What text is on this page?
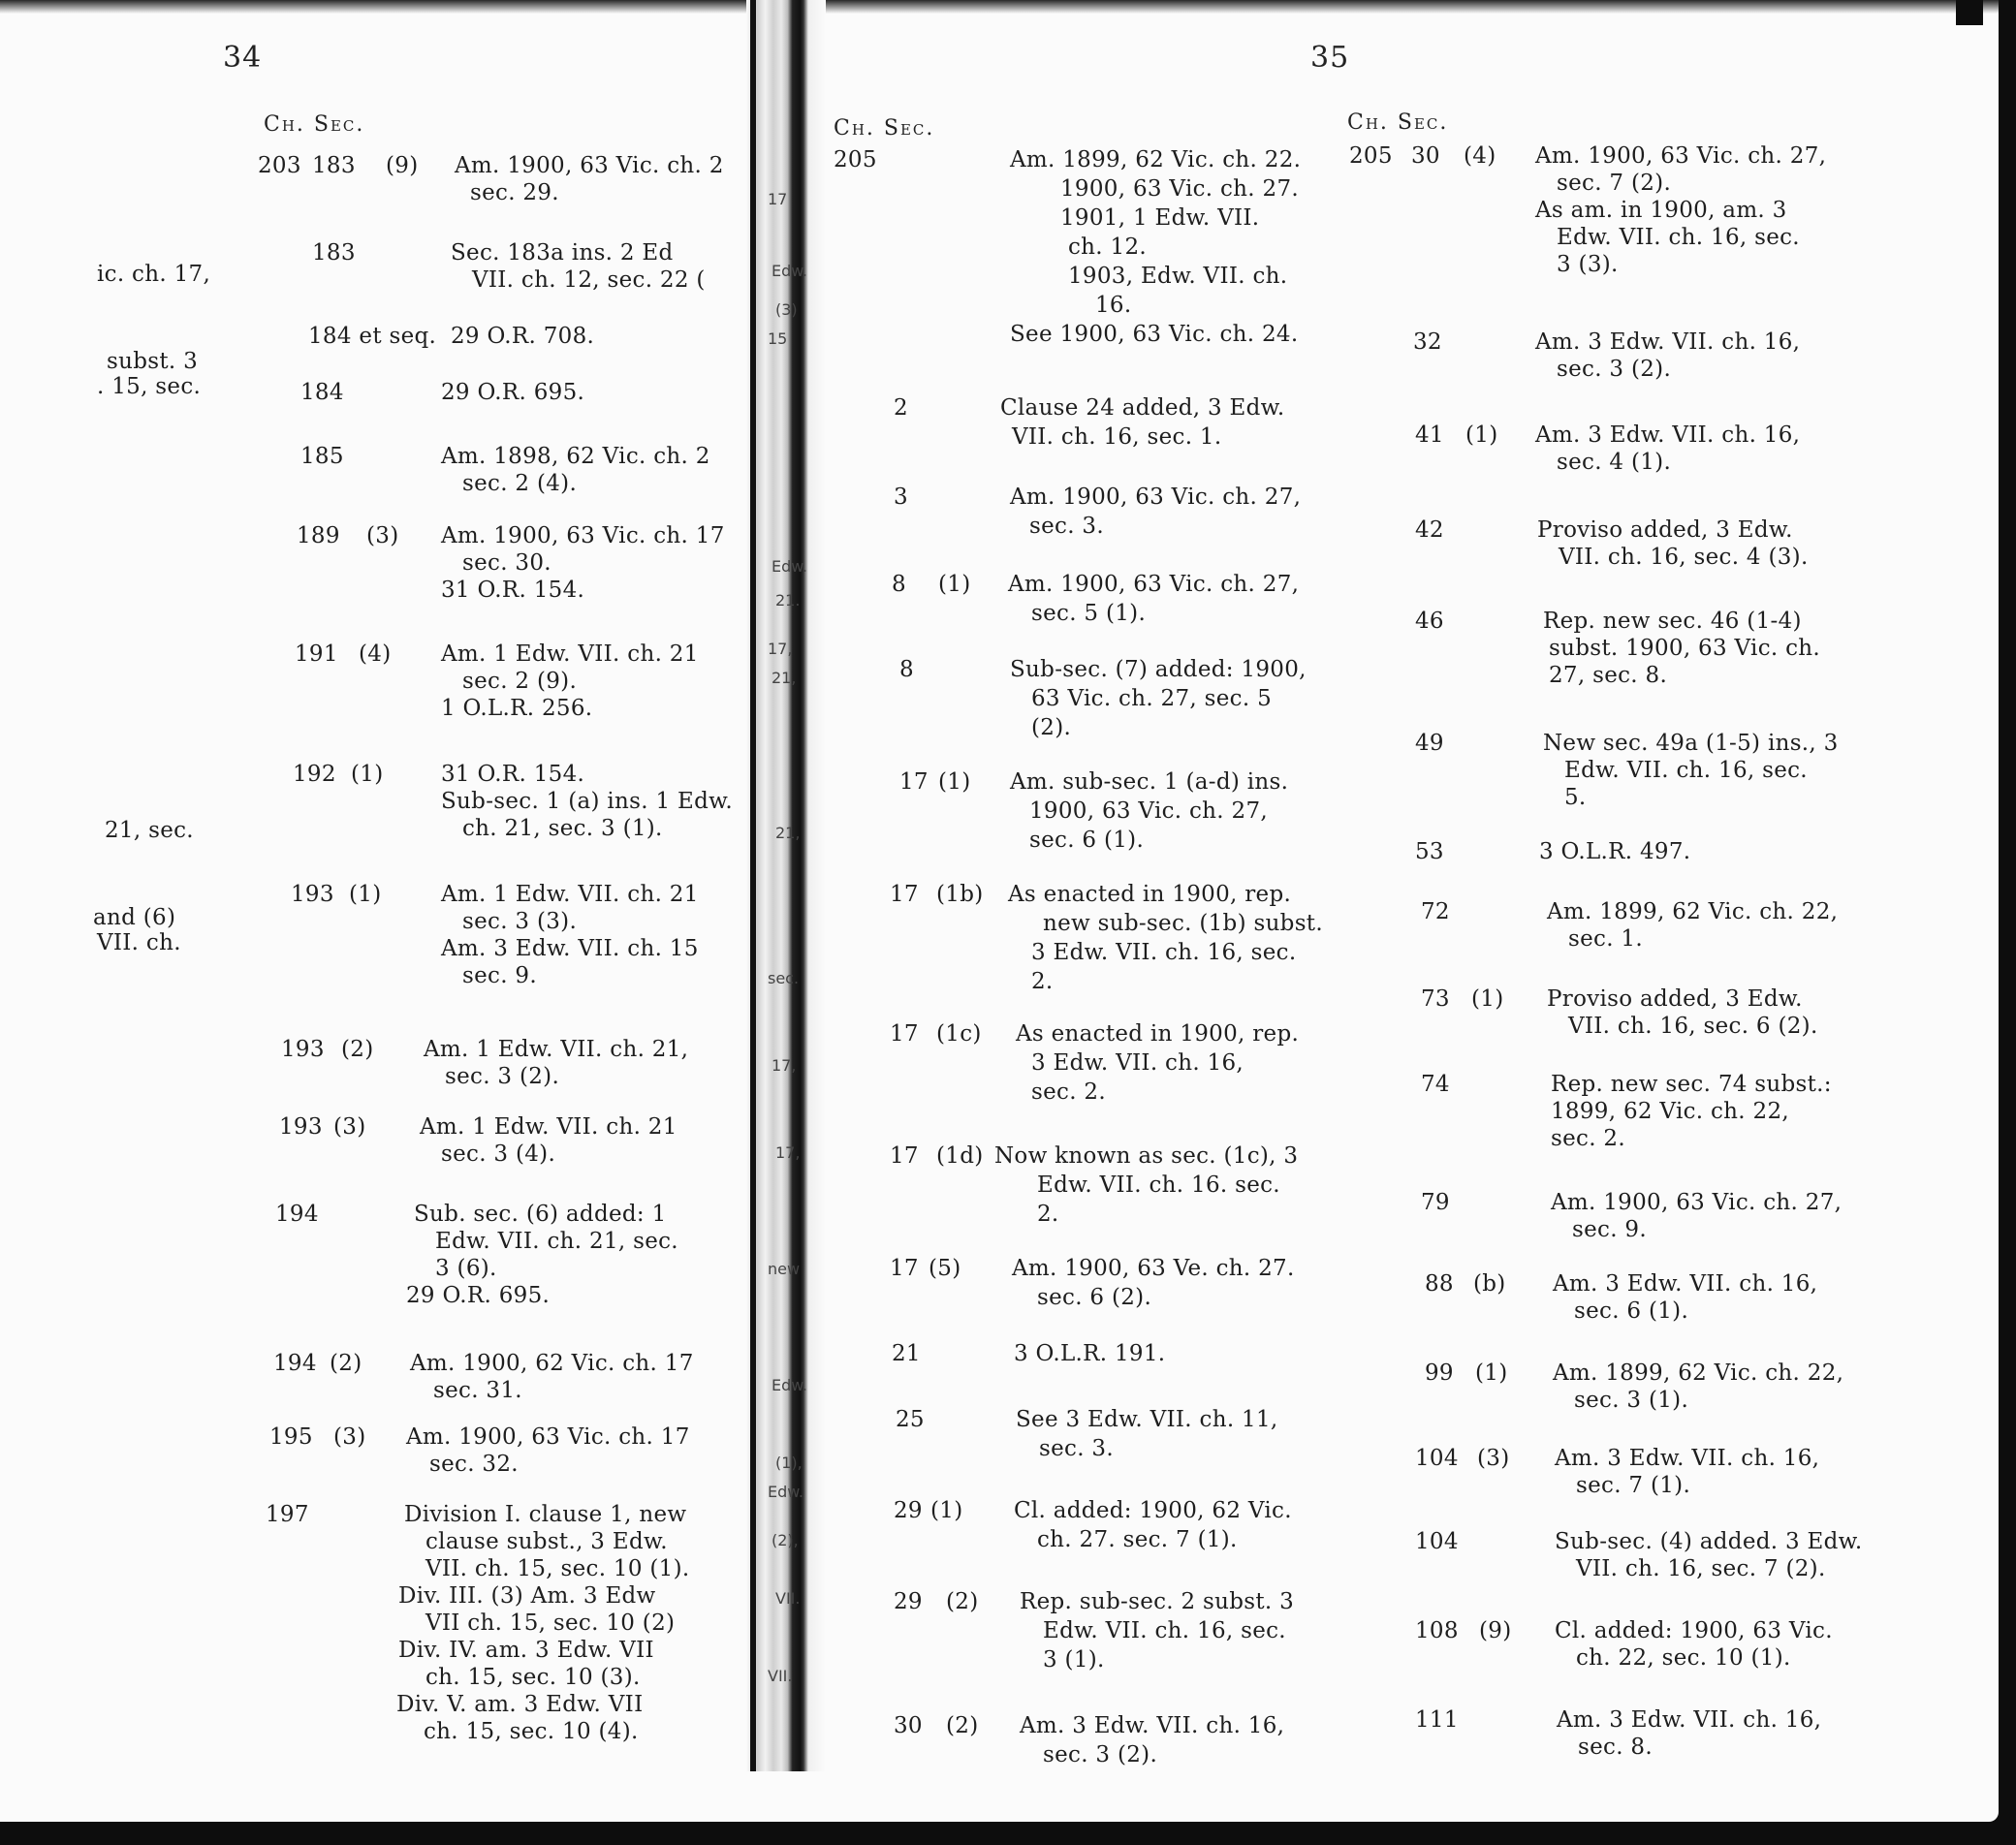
34
Ch. Sec.
ic. ch. 17,
subst. 3
. 15, sec.
21, sec.
and (6)
VII. ch.
203 183 (9) Am. 1900, 63 Vic. ch. 2
sec. 29.
183	Sec. 183a ins. 2 Ed
VII. ch. 12, sec. 22 (
184 et seq. 29 O.R. 708.
184	29 O.R. 695.
185	Am. 1898, 62 Vic. ch. 2
sec. 2 (4).
189 (3) Am. 1900, 63 Vic. ch. 17
sec. 30.
31 O.R. 154.
191 (4) Am. 1 Edw. VII. ch. 21
sec. 2 (9).
1 O.L.R. 256.
192 (1)	31 O.R. 154.
Sub-sec. 1 (a) ins. 1 Edw.
ch. 21, sec. 3 (1).
193 (1)	Am. 1 Edw. VII. ch. 21
sec. 3 (3).
Am. 3 Edw. VII. ch. 15
sec. 9.
193 (2) Am. 1 Edw. VII. ch. 21,
sec. 3 (2).
193 (3) Am. 1 Edw. VII. ch. 21
sec. 3 (4).
194	Sub. sec. (6) added: 1
Edw. VII. ch. 21, sec.
3 (6).
29 O.R. 695.
194 (2) Am. 1900, 62 Vic. ch. 17
sec. 31.
195 (3) Am. 1900, 63 Vic. ch. 17
sec. 32.
197	Division I. clause 1, new
clause subst., 3 Edw.
VII. ch. 15, sec. 10 (1).
Div. III. (3) Am. 3 Edw
VII ch. 15, sec. 10 (2)
Div. IV. am. 3 Edw. VII
ch. 15, sec. 10 (3).
Div. V. am. 3 Edw. VII
ch. 15, sec. 10 (4).
17
Edw.
(3)
15
Edw.
21.
17,
21,
21,
sec.
17,
17,
new
Edw.
(1),
Edw.
(2),
VII.
VII.
35
Ch. Sec.	Ch. Sec.
205	Am. 1899, 62 Vic. ch. 22.
1900, 63 Vic. ch. 27.
1901, 1 Edw. VII.
ch. 12.
1903, Edw. VII. ch.
16.
See 1900, 63 Vic. ch. 24.
2	Clause 24 added, 3 Edw.
VII. ch. 16, sec. 1.
3	Am. 1900, 63 Vic. ch. 27,
sec. 3.
8 (1) Am. 1900, 63 Vic. ch. 27,
sec. 5 (1).
8	Sub-sec. (7) added: 1900,
63 Vic. ch. 27, sec. 5
(2).
17 (1) Am. sub-sec. 1 (a-d) ins.
1900, 63 Vic. ch. 27,
sec. 6 (1).
17 (1b) As enacted in 1900, rep.
new sub-sec. (1b) subst.
3 Edw. VII. ch. 16, sec.
2.
17 (1c) As enacted in 1900, rep.
3 Edw. VII. ch. 16,
sec. 2.
17 (1d) Now known as sec. (1c), 3
Edw. VII. ch. 16. sec.
2.
17 (5) Am. 1900, 63 Ve. ch. 27.
sec. 6 (2).
21	3 O.L.R. 191.
25	See 3 Edw. VII. ch. 11,
sec. 3.
29 (1) Cl. added: 1900, 62 Vic.
ch. 27. sec. 7 (1).
29 (2) Rep. sub-sec. 2 subst. 3
Edw. VII. ch. 16, sec.
3 (1).
30 (2) Am. 3 Edw. VII. ch. 16,
sec. 3 (2).
205 30 (4) Am. 1900, 63 Vic. ch. 27,
sec. 7 (2).
As am. in 1900, am. 3
Edw. VII. ch. 16, sec.
3 (3).
32	Am. 3 Edw. VII. ch. 16,
sec. 3 (2).
41 (1) Am. 3 Edw. VII. ch. 16,
sec. 4 (1).
42	Proviso added, 3 Edw.
VII. ch. 16, sec. 4 (3).
46	Rep. new sec. 46 (1-4)
subst. 1900, 63 Vic. ch.
27, sec. 8.
49	New sec. 49a (1-5) ins., 3
Edw. VII. ch. 16, sec.
5.
53	3 O.L.R. 497.
72	Am. 1899, 62 Vic. ch. 22,
sec. 1.
73 (1) Proviso added, 3 Edw.
VII. ch. 16, sec. 6 (2).
74	Rep. new sec. 74 subst.:
1899, 62 Vic. ch. 22,
sec. 2.
79	Am. 1900, 63 Vic. ch. 27,
sec. 9.
88 (b) Am. 3 Edw. VII. ch. 16,
sec. 6 (1).
99 (1) Am. 1899, 62 Vic. ch. 22,
sec. 3 (1).
104 (3) Am. 3 Edw. VII. ch. 16,
sec. 7 (1).
104	Sub-sec. (4) added. 3 Edw.
VII. ch. 16, sec. 7 (2).
108 (9) Cl. added: 1900, 63 Vic.
ch. 22, sec. 10 (1).
111	Am. 3 Edw. VII. ch. 16,
sec. 8.
